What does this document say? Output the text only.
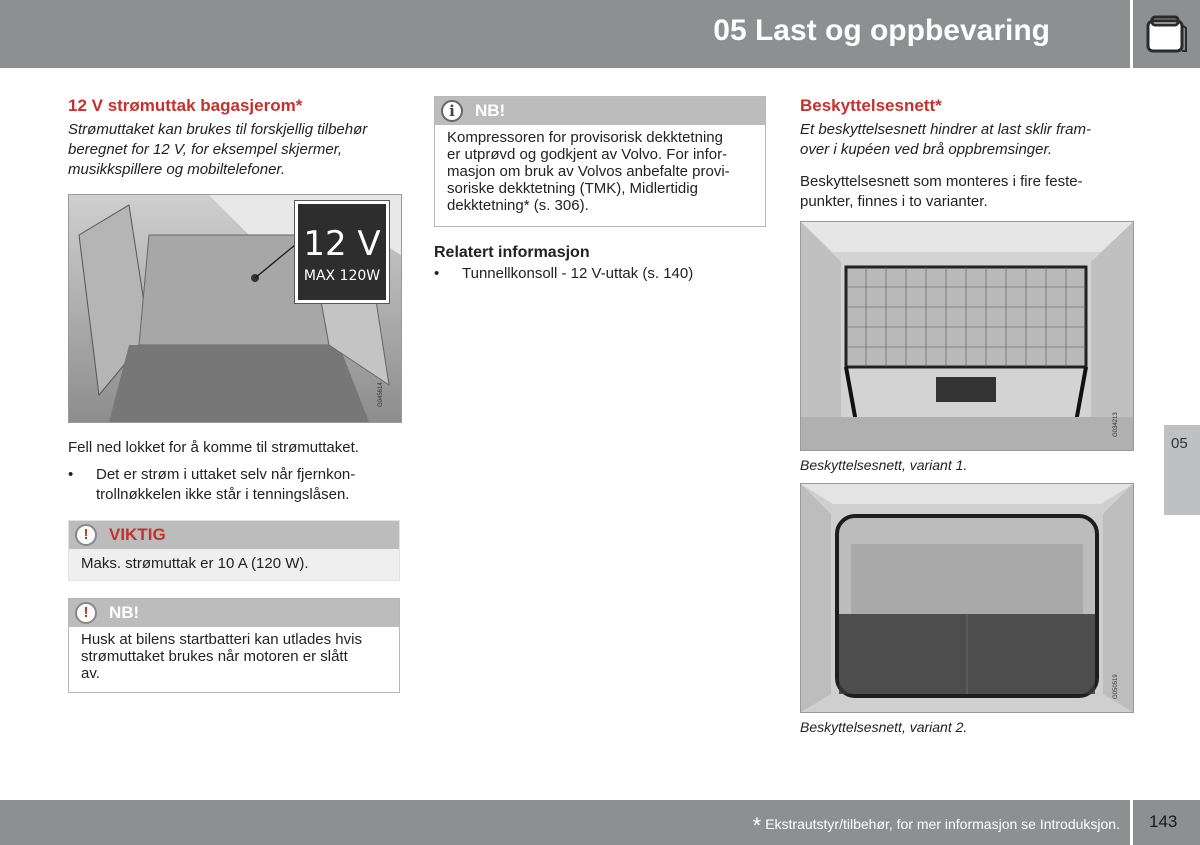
05 Last og oppbevaring
05
12 V strømuttak bagasjerom*

Strømuttaket kan brukes til forskjellig tilbehør
beregnet for 12 V, for eksempel skjermer,
musikkspillere og mobiltelefoner.

G045614
12 V
MAX 120W

Fell ned lokket for å komme til strømuttaket.

• Det er strøm i uttaket selv når fjernkon-
trollnøkkelen ikke står i tenningslåsen.
!	VIKTIG
Maks. strømuttak er 10 A (120 W).
!	NB!
Husk at bilens startbatteri kan utlades hvis
strømuttaket brukes når motoren er slått
av.
i	NB!
Kompressoren for provisorisk dekktetning
er utprøvd og godkjent av Volvo. For infor-
masjon om bruk av Volvos anbefalte provi-
soriske dekktetning (TMK), Midlertidig
dekktetning* (s. 306).
Relatert informasjon
• Tunnellkonsoll - 12 V-uttak (s. 140)
Beskyttelsesnett*

Et beskyttelsesnett hindrer at last sklir fram-
over i kupéen ved brå oppbremsinger.

Beskyttelsesnett som monteres i fire feste-
punkter, finnes i to varianter.

G034213
Beskyttelsesnett, variant 1.
G050519
Beskyttelsesnett, variant 2.
* Ekstrautstyr/tilbehør, for mer informasjon se Introduksjon. 143
